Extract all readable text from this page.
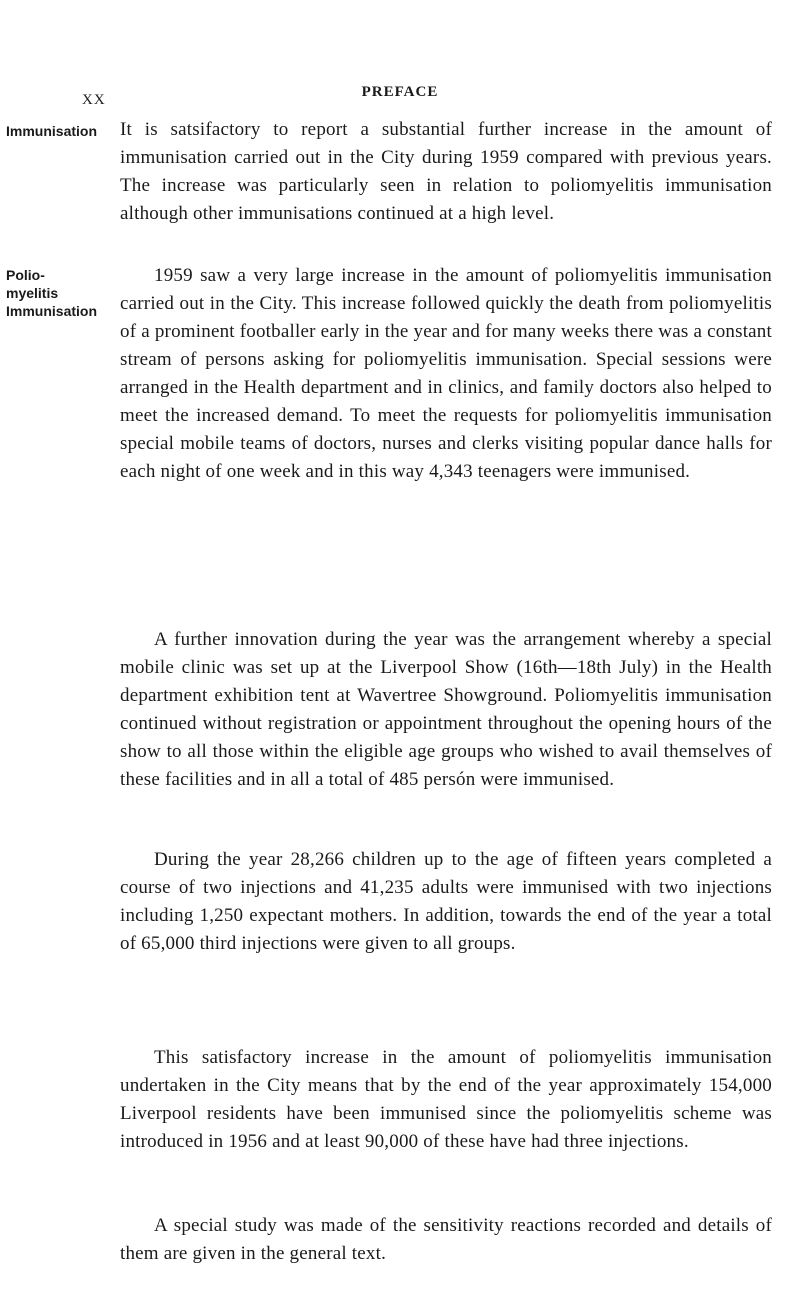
XX	PREFACE
Immunisation
Polio-
myelitis
Immunisation

It is satsifactory to report a substantial further increase in the amount of immunisation carried out in the City during 1959 compared with previous years. The increase was particularly seen in relation to poliomyelitis immunisation although other immunisations continued at a high level.

1959 saw a very large increase in the amount of poliomyelitis immunisation carried out in the City. This increase followed quickly the death from poliomyelitis of a prominent footballer early in the year and for many weeks there was a constant stream of persons asking for poliomyelitis immunisation. Special sessions were arranged in the Health department and in clinics, and family doctors also helped to meet the increased demand. To meet the requests for poliomyelitis immunisation special mobile teams of doctors, nurses and clerks visiting popular dance halls for each night of one week and in this way 4,343 teenagers were immunised.

A further innovation during the year was the arrangement whereby a special mobile clinic was set up at the Liverpool Show (16th—18th July) in the Health department exhibition tent at Wavertree Showground. Poliomyelitis immunisation continued without registration or appointment throughout the opening hours of the show to all those within the eligible age groups who wished to avail themselves of these facilities and in all a total of 485 persón were immunised.

During the year 28,266 children up to the age of fifteen years completed a course of two injections and 41,235 adults were immunised with two injections including 1,250 expectant mothers. In addition, towards the end of the year a total of 65,000 third injections were given to all groups.

This satisfactory increase in the amount of poliomyelitis immunisation undertaken in the City means that by the end of the year approximately 154,000 Liverpool residents have been immunised since the poliomyelitis scheme was introduced in 1956 and at least 90,000 of these have had three injections.

A special study was made of the sensitivity reactions recorded and details of them are given in the general text.
